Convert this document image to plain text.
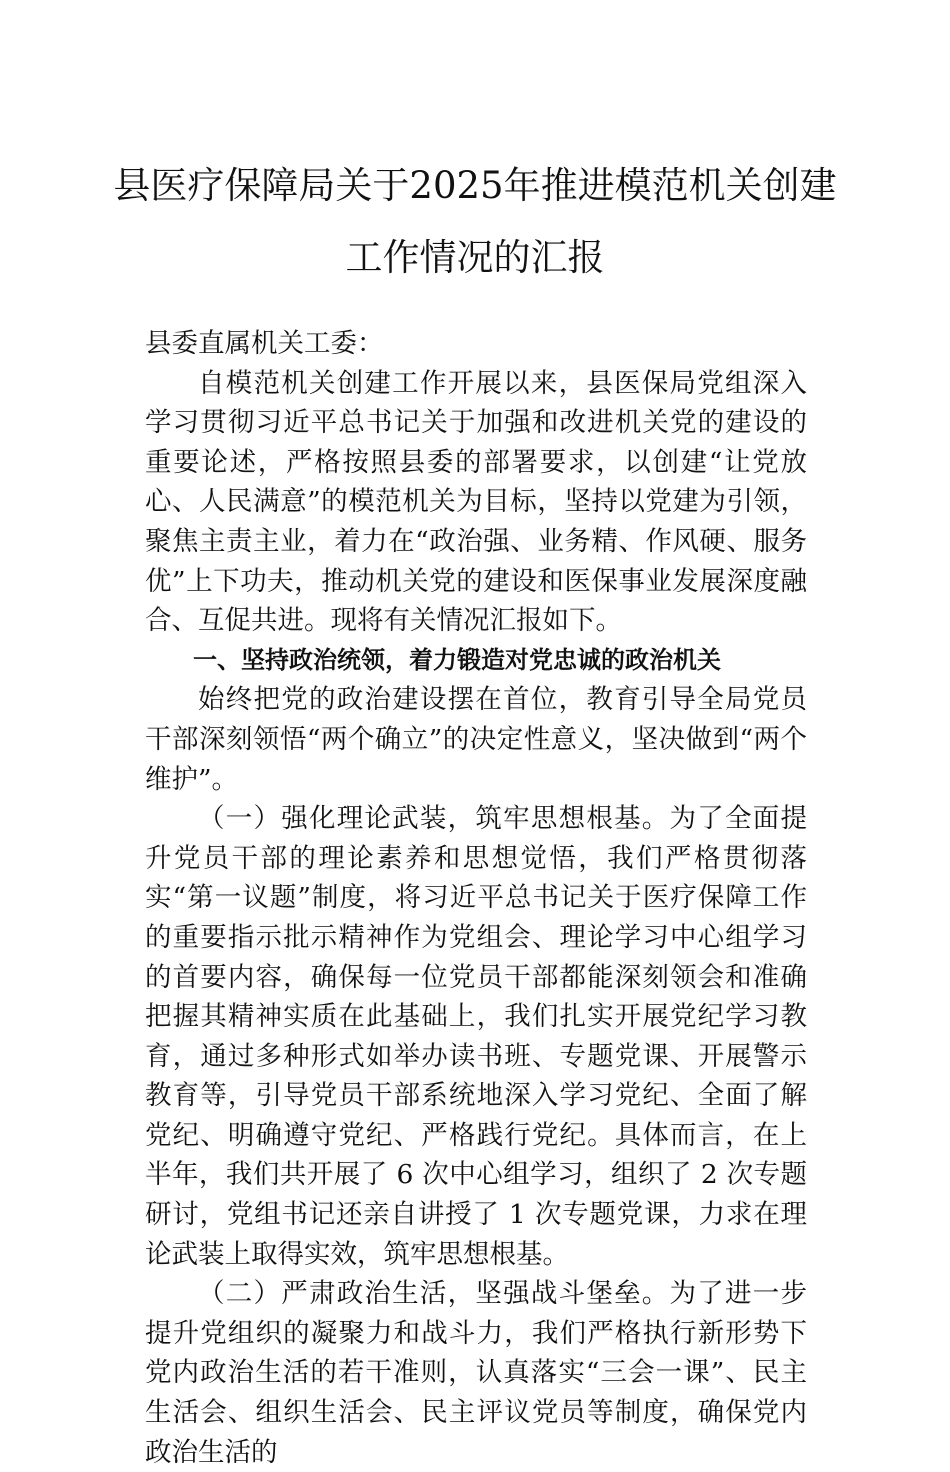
县医疗保障局关于2025年推进模范机关创建工作情况的汇报

县委直属机关工委：

自模范机关创建工作开展以来，县医保局党组深入学习贯彻习近平总书记关于加强和改进机关党的建设的重要论述，严格按照县委的部署要求，以创建“让党放心、人民满意”的模范机关为目标，坚持以党建为引领，聚焦主责主业，着力在“政治强、业务精、作风硬、服务优”上下功夫，推动机关党的建设和医保事业发展深度融合、互促共进。现将有关情况汇报如下。

一、坚持政治统领，着力锻造对党忠诚的政治机关

始终把党的政治建设摆在首位，教育引导全局党员干部深刻领悟“两个确立”的决定性意义，坚决做到“两个维护”。

（一）强化理论武装，筑牢思想根基。为了全面提升党员干部的理论素养和思想觉悟，我们严格贯彻落实“第一议题”制度，将习近平总书记关于医疗保障工作的重要指示批示精神作为党组会、理论学习中心组学习的首要内容，确保每一位党员干部都能深刻领会和准确把握其精神实质在此基础上，我们扎实开展党纪学习教育，通过多种形式如举办读书班、专题党课、开展警示教育等，引导党员干部系统地深入学习党纪、全面了解党纪、明确遵守党纪、严格践行党纪。具体而言，在上半年，我们共开展了 6 次中心组学习，组织了 2 次专题研讨，党组书记还亲自讲授了 1 次专题党课，力求在理论武装上取得实效，筑牢思想根基。

（二）严肃政治生活，坚强战斗堡垒。为了进一步提升党组织的凝聚力和战斗力，我们严格执行新形势下党内政治生活的若干准则，认真落实“三会一课”、民主生活会、组织生活会、民主评议党员等制度，确保党内政治生活的
